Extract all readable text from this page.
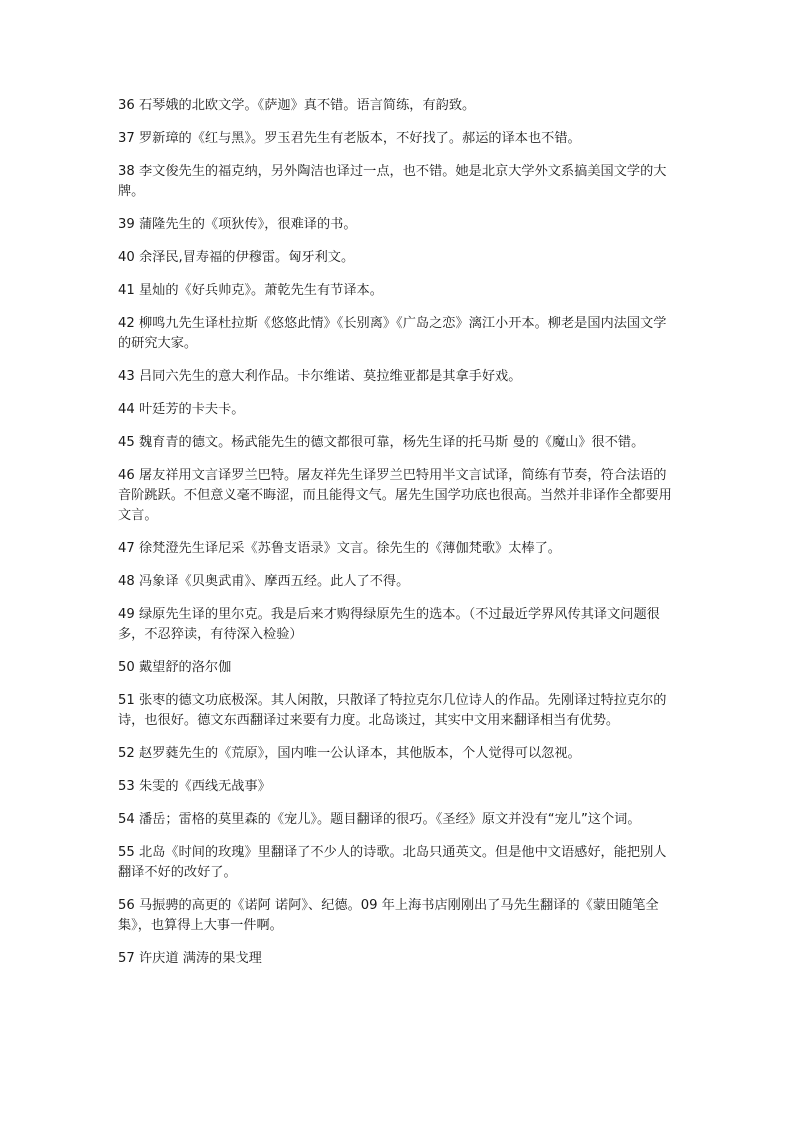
36 石琴娥的北欧文学。《萨迦》真不错。语言简练，有韵致。

37 罗新璋的《红与黑》。罗玉君先生有老版本，不好找了。郝运的译本也不错。

38 李文俊先生的福克纳，另外陶洁也译过一点，也不错。她是北京大学外文系搞美国文学的大牌。

39 蒲隆先生的《项狄传》，很难译的书。

40 余泽民,冒寿福的伊穆雷。匈牙利文。

41 星灿的《好兵帅克》。萧乾先生有节译本。

42 柳鸣九先生译杜拉斯《悠悠此情》《长别离》《广岛之恋》漓江小开本。柳老是国内法国文学的研究大家。

43 吕同六先生的意大利作品。卡尔维诺、莫拉维亚都是其拿手好戏。

44 叶廷芳的卡夫卡。

45 魏育青的德文。杨武能先生的德文都很可靠，杨先生译的托马斯 曼的《魔山》很不错。

46 屠友祥用文言译罗兰巴特。屠友祥先生译罗兰巴特用半文言试译，简练有节奏，符合法语的音阶跳跃。不但意义毫不晦涩，而且能得文气。屠先生国学功底也很高。当然并非译作全都要用文言。

47 徐梵澄先生译尼采《苏鲁支语录》文言。徐先生的《薄伽梵歌》太棒了。

48 冯象译《贝奥武甫》、摩西五经。此人了不得。

49 绿原先生译的里尔克。我是后来才购得绿原先生的选本。（不过最近学界风传其译文问题很多，不忍猝读，有待深入检验）

50 戴望舒的洛尔伽

51 张枣的德文功底极深。其人闲散，只散译了特拉克尔几位诗人的作品。先刚译过特拉克尔的诗，也很好。德文东西翻译过来要有力度。北岛谈过，其实中文用来翻译相当有优势。

52 赵罗蕤先生的《荒原》，国内唯一公认译本，其他版本，个人觉得可以忽视。

53 朱雯的《西线无战事》

54 潘岳；雷格的莫里森的《宠儿》。题目翻译的很巧。《圣经》原文并没有“宠儿”这个词。

55 北岛《时间的玫瑰》里翻译了不少人的诗歌。北岛只通英文。但是他中文语感好，能把别人翻译不好的改好了。

56 马振骋的高更的《诺阿 诺阿》、纪德。09 年上海书店刚刚出了马先生翻译的《蒙田随笔全集》，也算得上大事一件啊。

57 许庆道 满涛的果戈理
